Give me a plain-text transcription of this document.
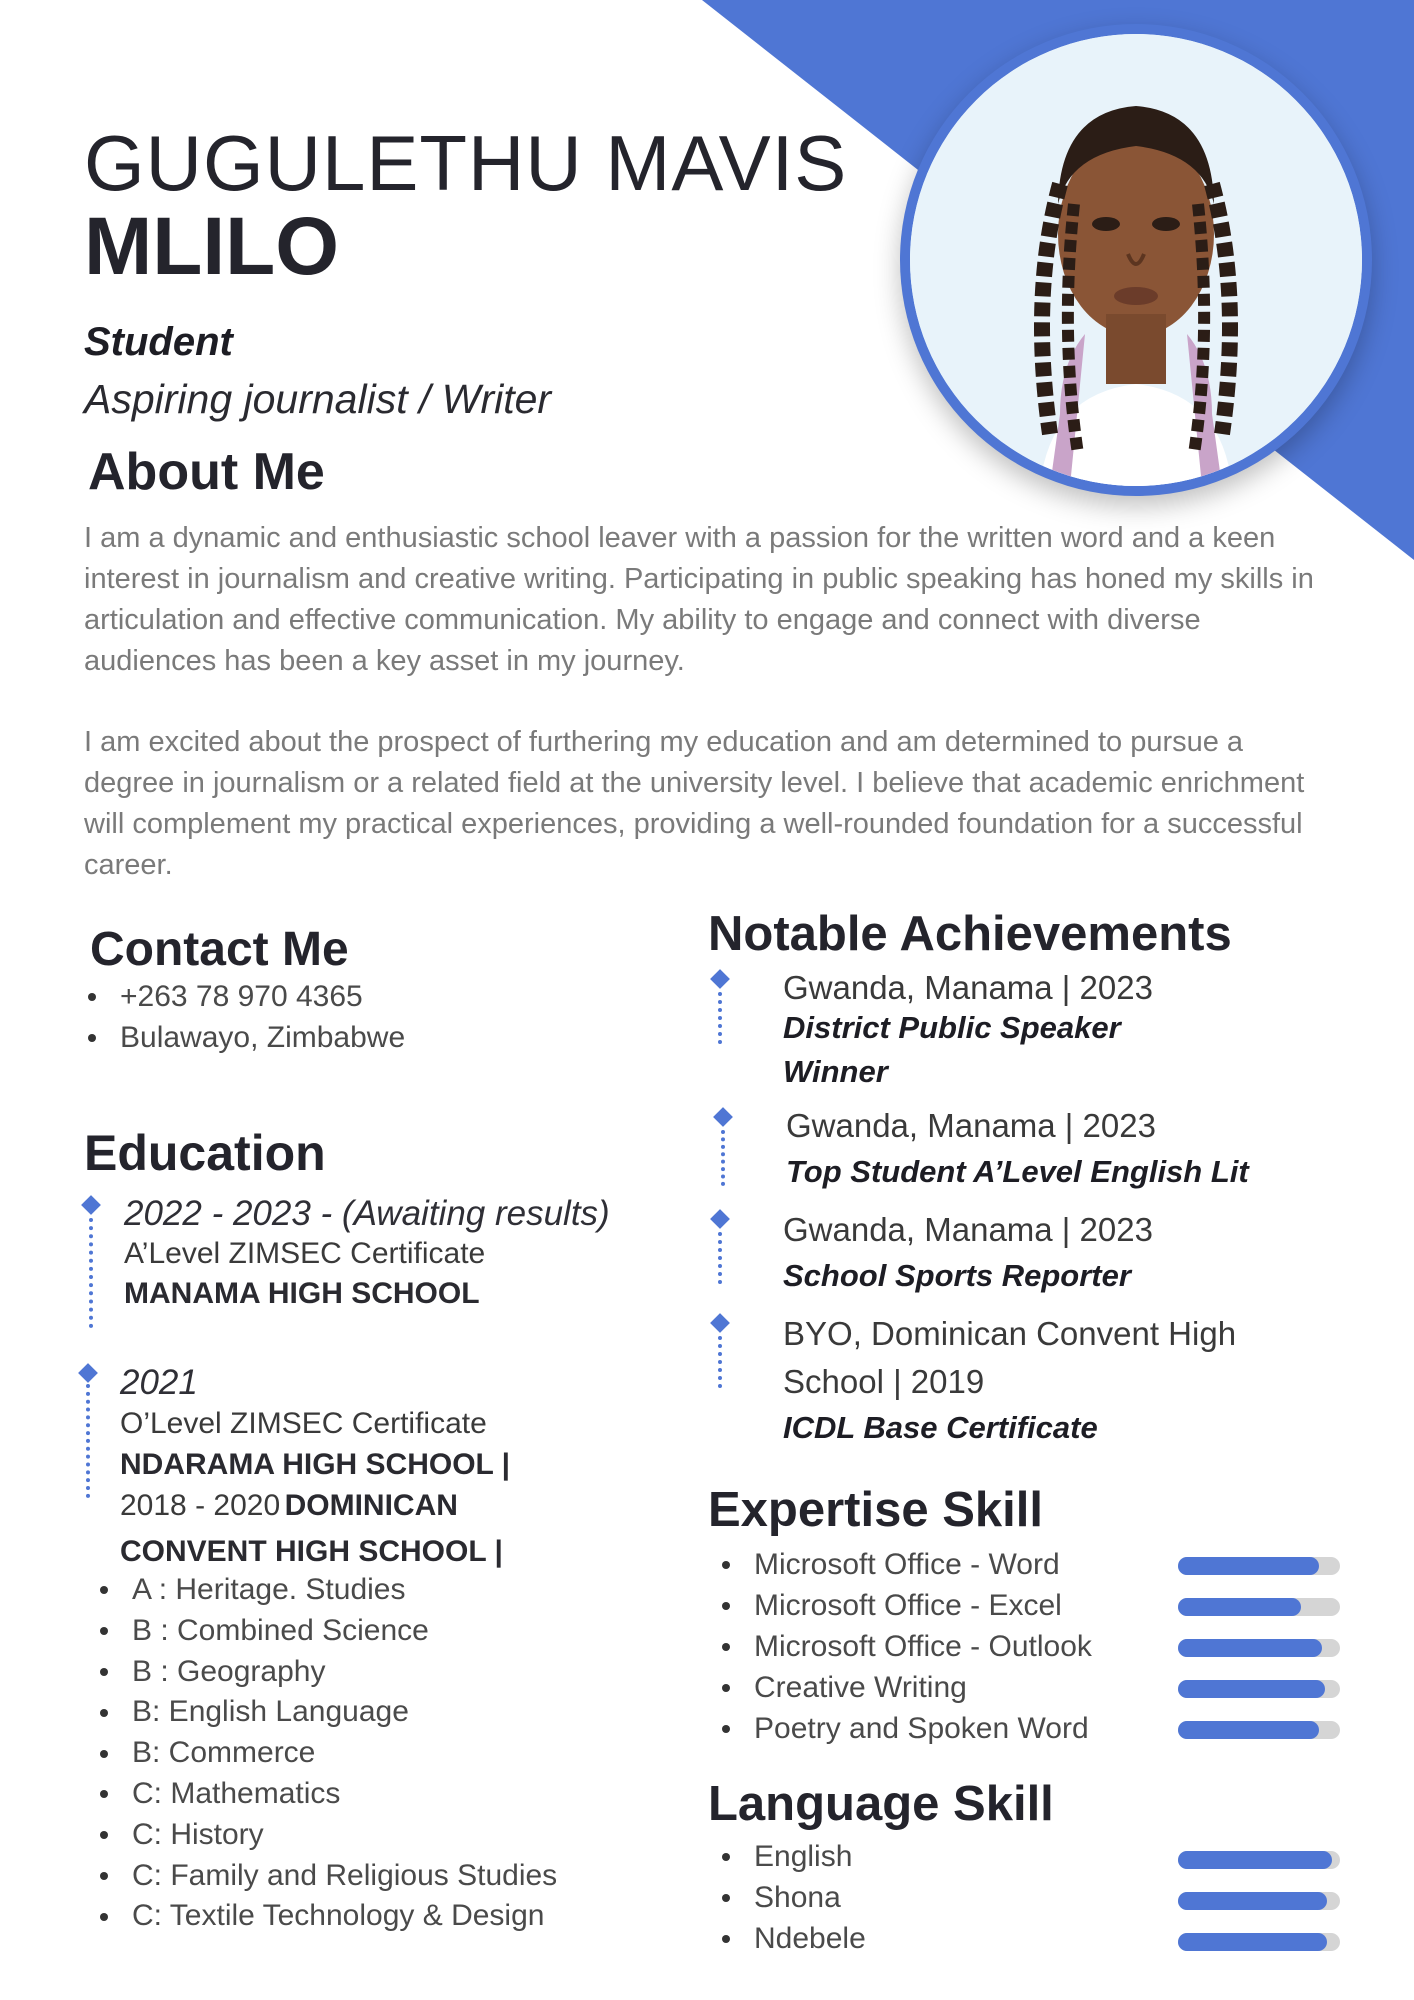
GUGULETHU MAVIS
MLILO
Student
Aspiring journalist / Writer
About Me

I am a dynamic and enthusiastic school leaver with a passion for the written word and a keen interest in journalism and creative writing. Participating in public speaking has honed my skills in articulation and effective communication. My ability to engage and connect with diverse audiences has been a key asset in my journey.

I am excited about the prospect of furthering my education and am determined to pursue a degree in journalism or a related field at the university level. I believe that academic enrichment will complement my practical experiences, providing a well-rounded foundation for a successful career.

Contact Me
+263 78 970 4365
Bulawayo, Zimbabwe
Education
2022 - 2023 - (Awaiting results)
A’Level ZIMSEC Certificate
MANAMA HIGH SCHOOL
2021
O’Level ZIMSEC Certificate
NDARAMA HIGH SCHOOL |
2018 - 2020 DOMINICAN CONVENT HIGH SCHOOL |
A : Heritage. Studies
B : Combined Science
B : Geography
B: English Language
B: Commerce
C: Mathematics
C: History
C: Family and Religious Studies
C: Textile Technology & Design
Notable Achievements
Gwanda, Manama | 2023
District Public Speaker Winner
Gwanda, Manama | 2023
Top Student A’Level English Lit
Gwanda, Manama | 2023
School Sports Reporter
BYO, Dominican Convent High School | 2019
ICDL Base Certificate
Expertise Skill
Microsoft Office - Word
Microsoft Office - Excel
Microsoft Office - Outlook
Creative Writing
Poetry and Spoken Word
Language Skill
English
Shona
Ndebele
